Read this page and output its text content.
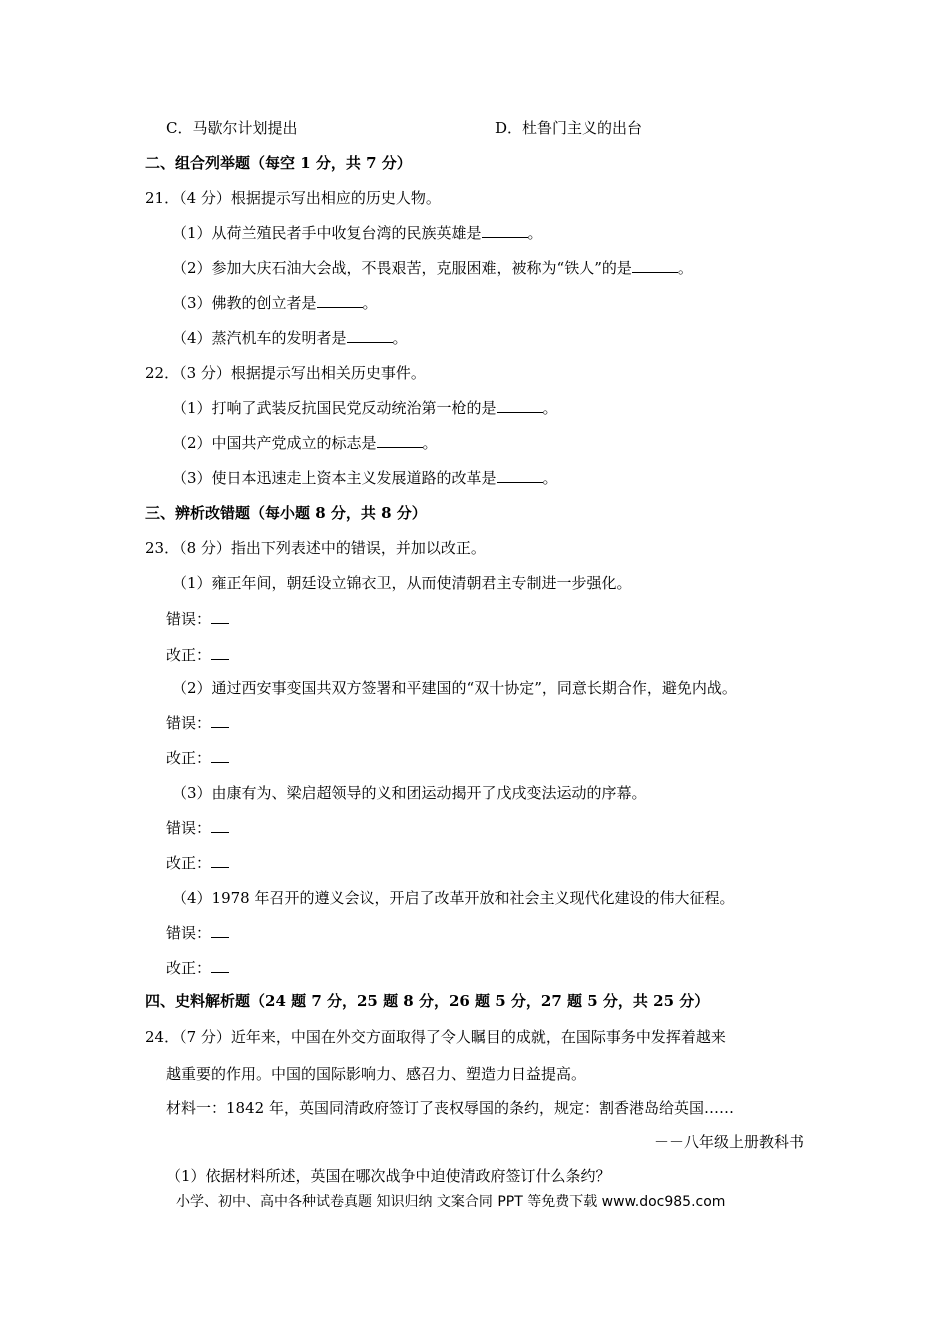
C．马歇尔计划提出	D．杜鲁门主义的出台
二、组合列举题（每空 1 分，共 7 分）
21．（4 分）根据提示写出相应的历史人物。
（1）从荷兰殖民者手中收复台湾的民族英雄是	。
（2）参加大庆石油大会战，不畏艰苦，克服困难，被称为“铁人”的是	。
（3）佛教的创立者是	。
（4）蒸汽机车的发明者是	。
22．（3 分）根据提示写出相关历史事件。
（1）打响了武装反抗国民党反动统治第一枪的是	。
（2）中国共产党成立的标志是	。
（3）使日本迅速走上资本主义发展道路的改革是	。
三、辨析改错题（每小题 8 分，共 8 分）
23．（8 分）指出下列表述中的错误，并加以改正。
（1）雍正年间，朝廷设立锦衣卫，从而使清朝君主专制进一步强化。
错误：
改正：
（2）通过西安事变国共双方签署和平建国的“双十协定”，同意长期合作，避免内战。
错误：
改正：
（3）由康有为、梁启超领导的义和团运动揭开了戊戌变法运动的序幕。
错误：
改正：
（4）1978 年召开的遵义会议，开启了改革开放和社会主义现代化建设的伟大征程。
错误：
改正：
四、史料解析题（24 题 7 分，25 题 8 分，26 题 5 分，27 题 5 分，共 25 分）
24．（7 分）近年来，中国在外交方面取得了令人瞩目的成就，在国际事务中发挥着越来
越重要的作用。中国的国际影响力、感召力、塑造力日益提高。
材料一：1842 年，英国同清政府签订了丧权辱国的条约，规定：割香港岛给英国……
－－八年级上册教科书
（1）依据材料所述，英国在哪次战争中迫使清政府签订什么条约？
小学、初中、高中各种试卷真题 知识归纳 文案合同 PPT 等免费下载 www.doc985.com
